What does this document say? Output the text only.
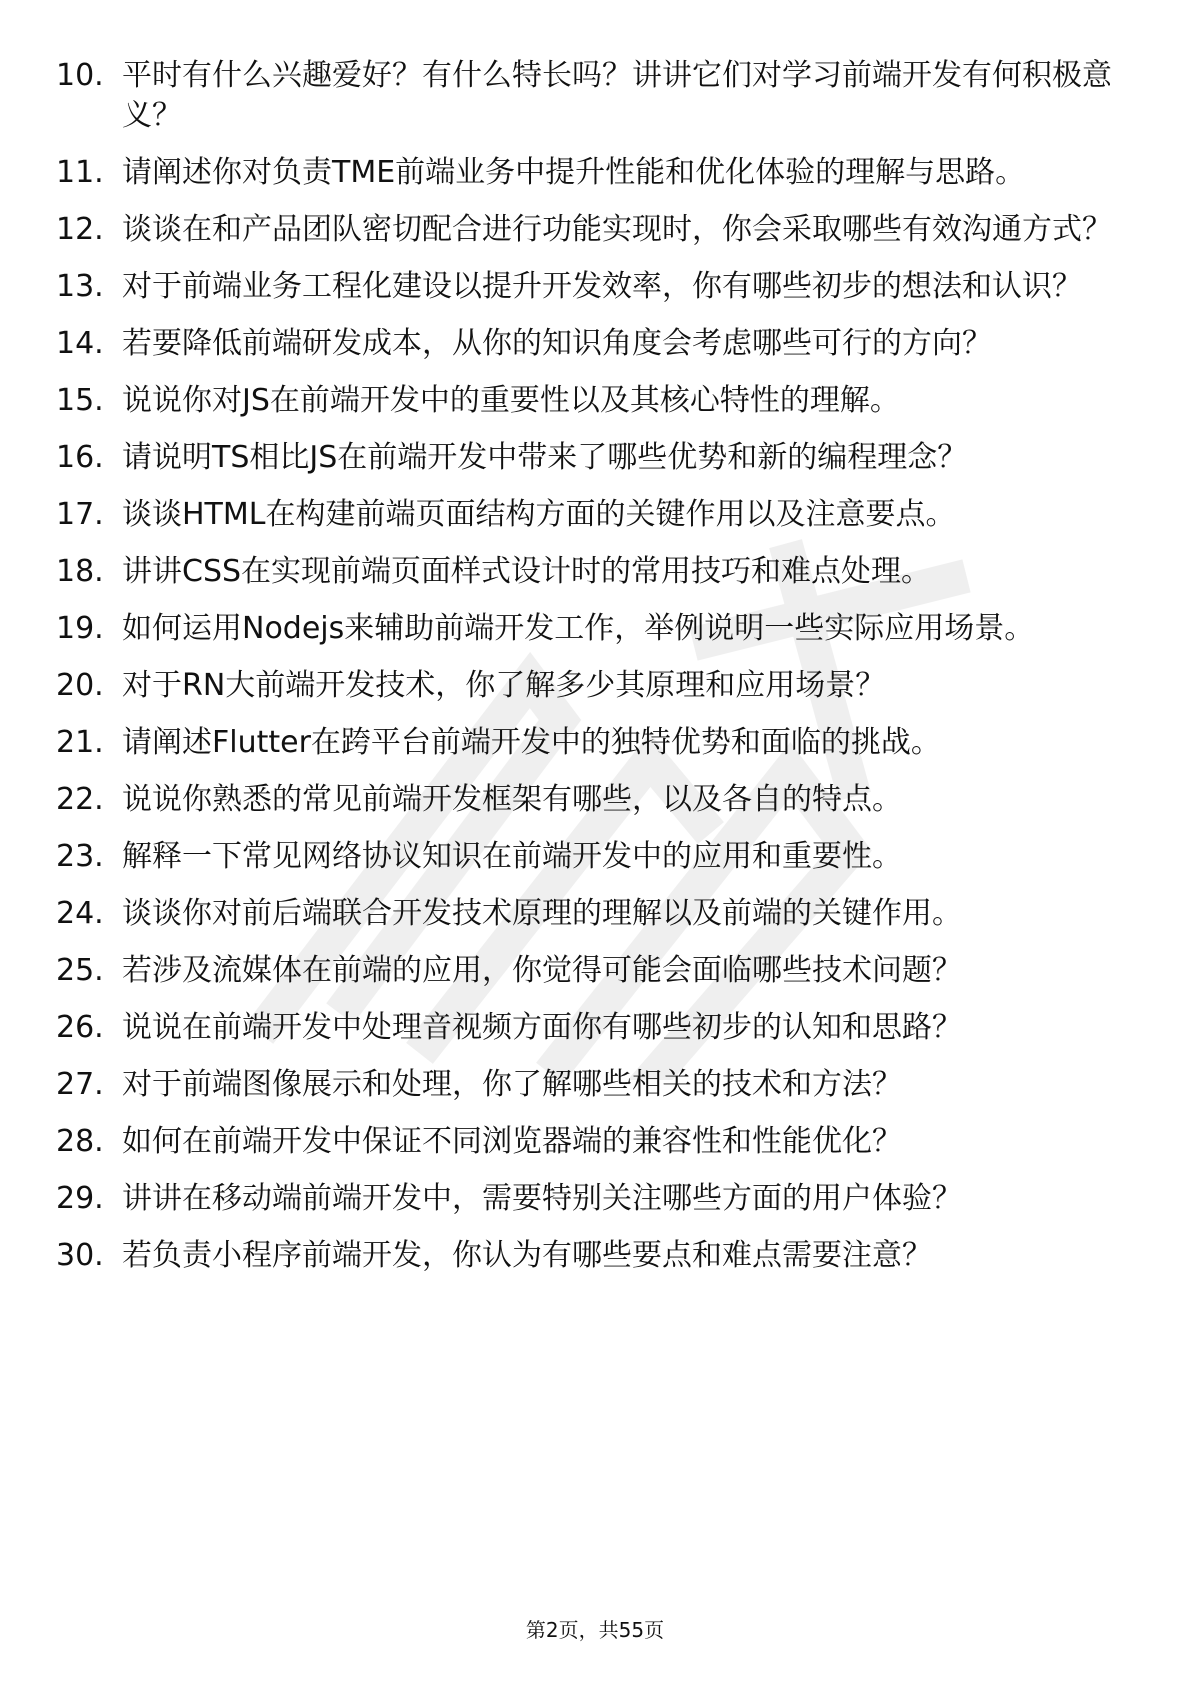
10. 平时有什么兴趣爱好？有什么特长吗？讲讲它们对学习前端开发有何积极意义？
11. 请阐述你对负责TME前端业务中提升性能和优化体验的理解与思路。
12. 谈谈在和产品团队密切配合进行功能实现时，你会采取哪些有效沟通方式？
13. 对于前端业务工程化建设以提升开发效率，你有哪些初步的想法和认识？
14. 若要降低前端研发成本，从你的知识角度会考虑哪些可行的方向？
15. 说说你对JS在前端开发中的重要性以及其核心特性的理解。
16. 请说明TS相比JS在前端开发中带来了哪些优势和新的编程理念？
17. 谈谈HTML在构建前端页面结构方面的关键作用以及注意要点。
18. 讲讲CSS在实现前端页面样式设计时的常用技巧和难点处理。
19. 如何运用Nodejs来辅助前端开发工作，举例说明一些实际应用场景。
20. 对于RN大前端开发技术，你了解多少其原理和应用场景？
21. 请阐述Flutter在跨平台前端开发中的独特优势和面临的挑战。
22. 说说你熟悉的常见前端开发框架有哪些，以及各自的特点。
23. 解释一下常见网络协议知识在前端开发中的应用和重要性。
24. 谈谈你对前后端联合开发技术原理的理解以及前端的关键作用。
25. 若涉及流媒体在前端的应用，你觉得可能会面临哪些技术问题？
26. 说说在前端开发中处理音视频方面你有哪些初步的认知和思路？
27. 对于前端图像展示和处理，你了解哪些相关的技术和方法？
28. 如何在前端开发中保证不同浏览器端的兼容性和性能优化？
29. 讲讲在移动端前端开发中，需要特别关注哪些方面的用户体验？
30. 若负责小程序前端开发，你认为有哪些要点和难点需要注意？
第2页，共55页
